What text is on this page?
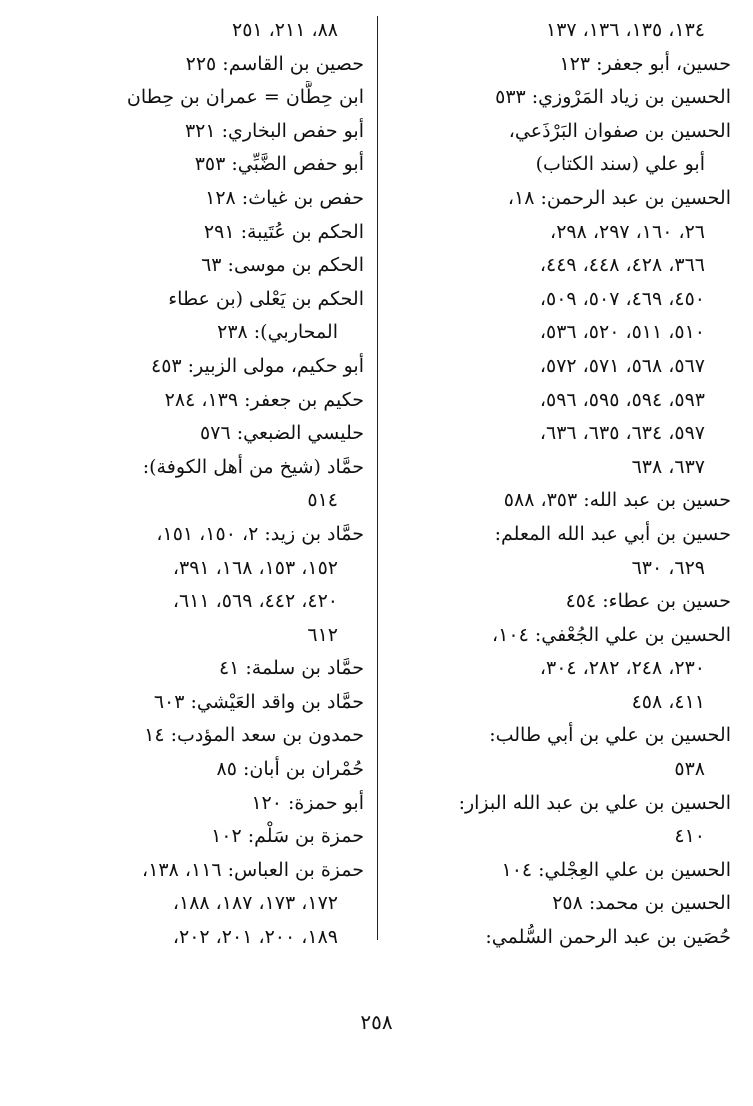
١٣٤، ١٣٥، ١٣٦، ١٣٧
حسين، أبو جعفر: ١٢٣
الحسين بن زياد المَرْوزي: ٥٣٣
الحسين بن صفوان البَرْذَعي،
أبو علي (سند الكتاب)
الحسين بن عبد الرحمن: ١٨،
٢٦، ١٦٠، ٢٩٧، ٢٩٨،
٣٦٦، ٤٢٨، ٤٤٨، ٤٤٩،
٤٥٠، ٤٦٩، ٥٠٧، ٥٠٩،
٥١٠، ٥١١، ٥٢٠، ٥٣٦،
٥٦٧، ٥٦٨، ٥٧١، ٥٧٢،
٥٩٣، ٥٩٤، ٥٩٥، ٥٩٦،
٥٩٧، ٦٣٤، ٦٣٥، ٦٣٦،
٦٣٧، ٦٣٨
حسين بن عبد الله: ٣٥٣، ٥٨٨
حسين بن أبي عبد الله المعلم:
٦٢٩، ٦٣٠
حسين بن عطاء: ٤٥٤
الحسين بن علي الجُعْفي: ١٠٤،
٢٣٠، ٢٤٨، ٢٨٢، ٣٠٤،
٤١١، ٤٥٨
الحسين بن علي بن أبي طالب:
٥٣٨
الحسين بن علي بن عبد الله البزار:
٤١٠
الحسين بن علي العِجْلي: ١٠٤
الحسين بن محمد: ٢٥٨
حُصَين بن عبد الرحمن السُّلمي:
٨٨، ٢١١، ٢٥١
حصين بن القاسم: ٢٢٥
ابن حِطَّان = عمران بن حِطان
أبو حفص البخاري: ٣٢١
أبو حفص الضَّبِّي: ٣٥٣
حفص بن غياث: ١٢٨
الحكم بن عُتَيبة: ٢٩١
الحكم بن موسى: ٦٣
الحكم بن يَعْلى (بن عطاء
المحاربي): ٢٣٨
أبو حكيم، مولى الزبير: ٤٥٣
حكيم بن جعفر: ١٣٩، ٢٨٤
حليسي الضبعي: ٥٧٦
حمَّاد (شيخ من أهل الكوفة):
٥١٤
حمَّاد بن زيد: ٢، ١٥٠، ١٥١،
١٥٢، ١٥٣، ١٦٨، ٣٩١،
٤٢٠، ٤٤٢، ٥٦٩، ٦١١،
٦١٢
حمَّاد بن سلمة: ٤١
حمَّاد بن واقد العَيْشي: ٦٠٣
حمدون بن سعد المؤدب: ١٤
حُمْران بن أبان: ٨٥
أبو حمزة: ١٢٠
حمزة بن سَلْم: ١٠٢
حمزة بن العباس: ١١٦، ١٣٨،
١٧٢، ١٧٣، ١٨٧، ١٨٨،
١٨٩، ٢٠٠، ٢٠١، ٢٠٢،
٢٥٨
